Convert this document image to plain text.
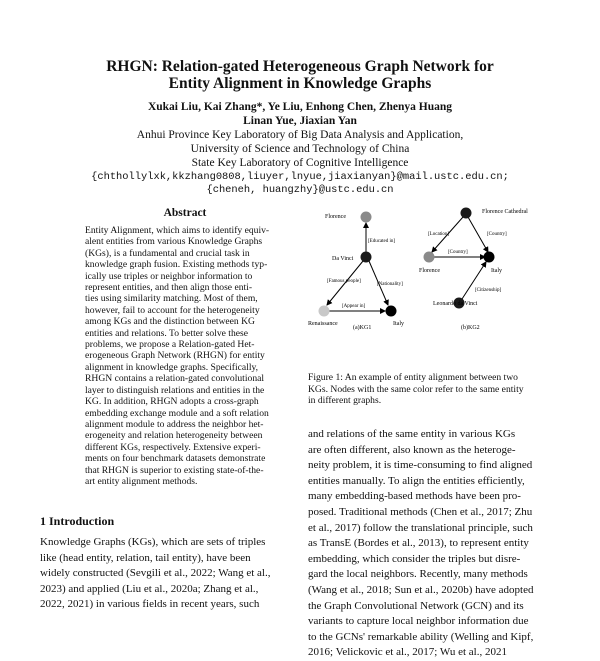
RHGN: Relation-gated Heterogeneous Graph Network for
Entity Alignment in Knowledge Graphs
Xukai Liu, Kai Zhang*, Ye Liu, Enhong Chen, Zhenya Huang
Linan Yue, Jiaxian Yan
Anhui Province Key Laboratory of Big Data Analysis and Application,
University of Science and Technology of China
State Key Laboratory of Cognitive Intelligence
{chthollylxk,kkzhang0808,liuyer,lnyue,jiaxianyan}@mail.ustc.edu.cn;
{cheneh, huangzhy}@ustc.edu.cn
Abstract
Entity Alignment, which aims to identify equiv-
alent entities from various Knowledge Graphs
(KGs), is a fundamental and crucial task in
knowledge graph fusion. Existing methods typ-
ically use triples or neighbor information to
represent entities, and then align those enti-
ties using similarity matching. Most of them,
however, fail to account for the heterogeneity
among KGs and the distinction between KG
entities and relations. To better solve these
problems, we propose a Relation-gated Het-
erogeneous Graph Network (RHGN) for entity
alignment in knowledge graphs. Specifically,
RHGN contains a relation-gated convolutional
layer to distinguish relations and entities in the
KG. In addition, RHGN adopts a cross-graph
embedding exchange module and a soft relation
alignment module to address the neighbor het-
erogeneity and relation heterogeneity between
different KGs, respectively. Extensive experi-
ments on four benchmark datasets demonstrate
that RHGN is superior to existing state-of-the-
art entity alignment methods.
1 Introduction
Knowledge Graphs (KGs), which are sets of triples
like (head entity, relation, tail entity), have been
widely constructed (Sevgili et al., 2022; Wang et al.,
2023) and applied (Liu et al., 2020a; Zhang et al.,
2022, 2021) in various fields in recent years, such
Florence
Da Vinci
Renaissance	Italy
[Educated in]
[Famous people]
[Nationality]
[Appear in]
(a)KG1
Florence Cathedral
Florence	Italy
Leonardo da Vinci
[Location]	[Country]
[Country]
[Citizenship]
(b)KG2
Figure 1: An example of entity alignment between two
KGs. Nodes with the same color refer to the same entity
in different graphs.
and relations of the same entity in various KGs
are often different, also known as the heteroge-
neity problem, it is time-consuming to find aligned
entities manually. To align the entities efficiently,
many embedding-based methods have been pro-
posed. Traditional methods (Chen et al., 2017; Zhu
et al., 2017) follow the translational principle, such
as TransE (Bordes et al., 2013), to represent entity
embedding, which consider the triples but disre-
gard the local neighbors. Recently, many methods
(Wang et al., 2018; Sun et al., 2020b) have adopted
the Graph Convolutional Network (GCN) and its
variants to capture local neighbor information due
to the GCNs' remarkable ability (Welling and Kipf,
2016; Velickovic et al., 2017; Wu et al., 2021
